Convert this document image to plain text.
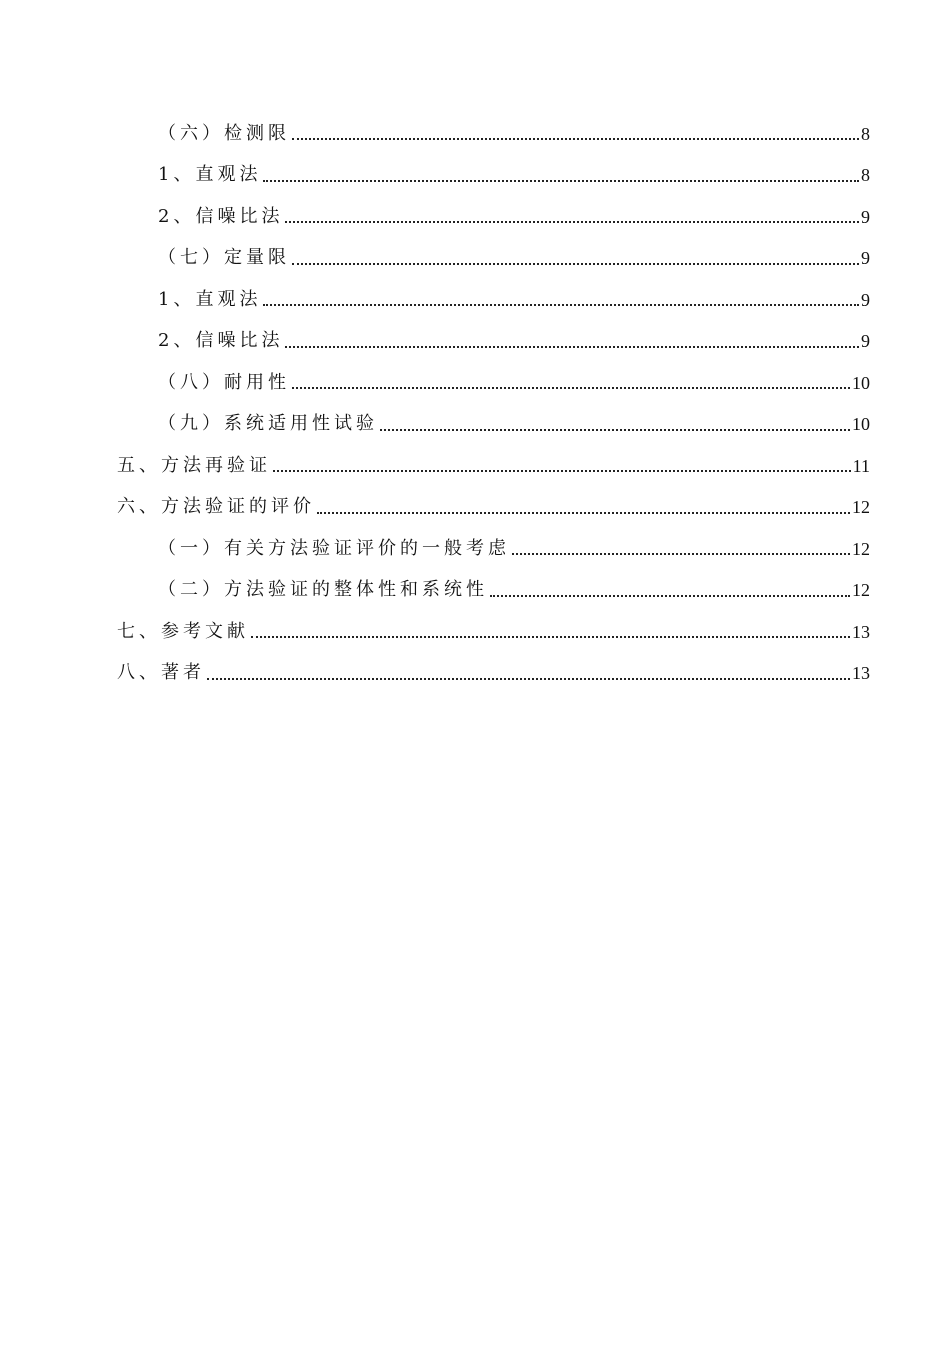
（六）检测限	8
1、直观法	8
2、信噪比法	9
（七）定量限	9
1、直观法	9
2、信噪比法	9
（八）耐用性	10
（九）系统适用性试验	10
五、方法再验证	11
六、方法验证的评价	12
（一）有关方法验证评价的一般考虑	12
（二）方法验证的整体性和系统性	12
七、参考文献	13
八、著者	13
